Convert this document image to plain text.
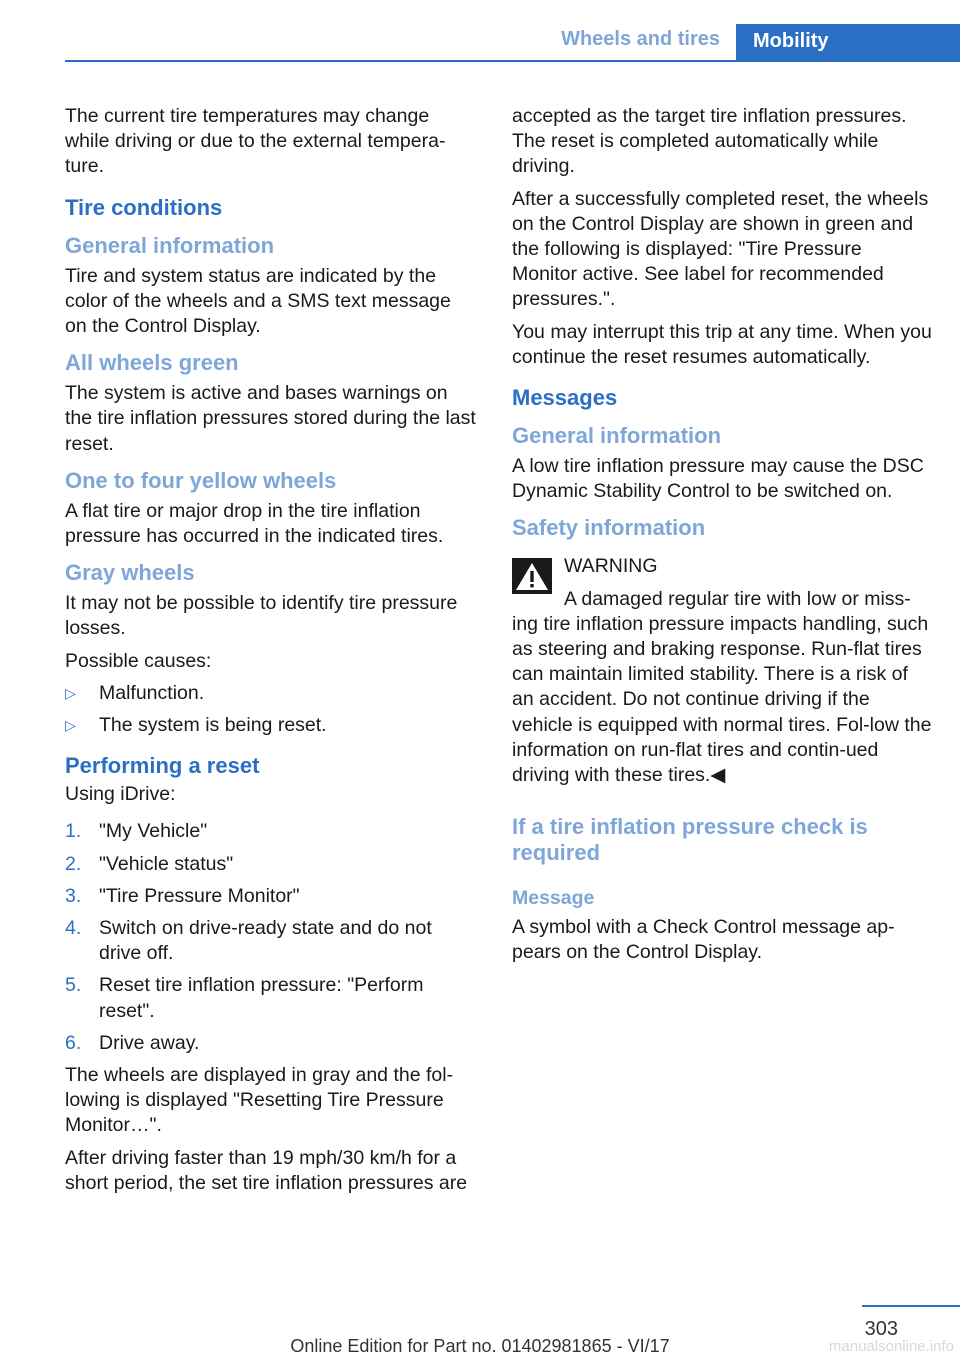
Wheels and tires	Mobility

The current tire temperatures may change while driving or due to the external tempera‐ture.

Tire conditions
General information

Tire and system status are indicated by the color of the wheels and a SMS text message on the Control Display.

All wheels green

The system is active and bases warnings on the tire inflation pressures stored during the last reset.

One to four yellow wheels

A flat tire or major drop in the tire inflation pressure has occurred in the indicated tires.

Gray wheels

It may not be possible to identify tire pressure losses.

Possible causes:

▷ Malfunction.
▷ The system is being reset.
Performing a reset

Using iDrive:

1. "My Vehicle"
2. "Vehicle status"
3. "Tire Pressure Monitor"
4. Switch on drive-ready state and do not drive off.
5. Reset tire inflation pressure: "Perform reset".
6. Drive away.

The wheels are displayed in gray and the fol‐lowing is displayed "Resetting Tire Pressure Monitor…".

After driving faster than 19 mph/30 km/h for a short period, the set tire inflation pressures are

accepted as the target tire inflation pressures. The reset is completed automatically while driving.

After a successfully completed reset, the wheels on the Control Display are shown in green and the following is displayed: "Tire Pressure Monitor active. See label for recommended pressures.".

You may interrupt this trip at any time. When you continue the reset resumes automatically.

Messages
General information

A low tire inflation pressure may cause the DSC Dynamic Stability Control to be switched on.

Safety information
WARNING
A damaged regular tire with low or miss‐ing tire inflation pressure impacts handling, such as steering and braking response. Run-flat tires can maintain limited stability. There is a risk of an accident. Do not continue driving if the vehicle is equipped with normal tires. Fol‐low the information on run-flat tires and contin‐ued driving with these tires.◀
If a tire inflation pressure check is required
Message

A symbol with a Check Control message ap‐pears on the Control Display.

303
Online Edition for Part no. 01402981865 - VI/17	manualsonline.info
